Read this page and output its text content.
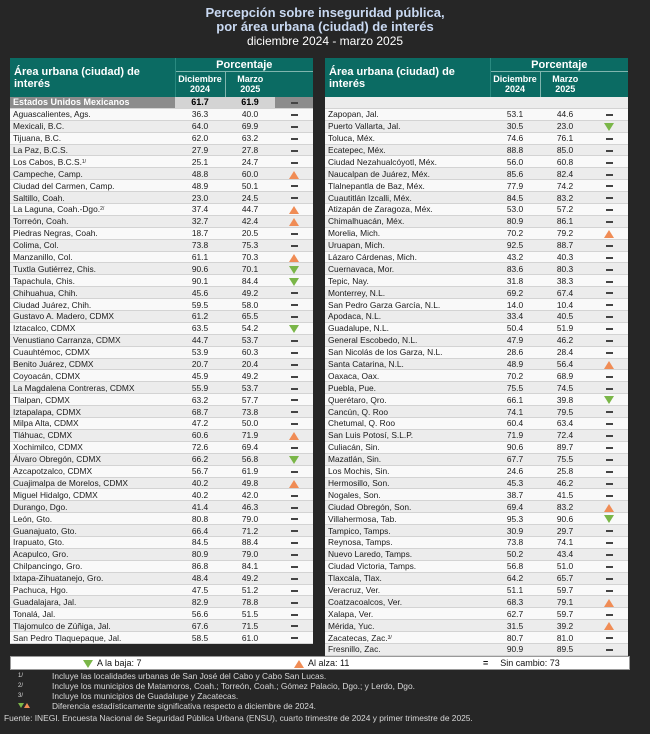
Percepción sobre inseguridad pública,
por área urbana (ciudad) de interés
diciembre 2024 - marzo 2025
Área urbana (ciudad) de interés	Porcentaje		
	Diciembre
2024	Marzo
2025	
Estados Unidos Mexicanos	61.7	61.9	
Aguascalientes, Ags.	36.3	40.0	
Mexicali, B.C.	64.0	69.9	
Tijuana, B.C.	62.0	63.2	
La Paz, B.C.S.	27.9	27.8	
Los Cabos, B.C.S.$^{1/}$	25.1	24.7	
Campeche, Camp.	48.8	60.0	
Ciudad del Carmen, Camp.	48.9	50.1	
Saltillo, Coah.	23.0	24.5	
La Laguna, Coah.-Dgo.$^{2/}$	37.4	44.7	
Torreón, Coah.	32.7	42.4	
Piedras Negras, Coah.	18.7	20.5	
Colima, Col.	73.8	75.3	
Manzanillo, Col.	61.1	70.3	
Tuxtla Gutiérrez, Chis.	90.6	70.1	
Tapachula, Chis.	90.1	84.4	
Chihuahua, Chih.	45.6	49.2	
Ciudad Juárez, Chih.	59.5	58.0	
Gustavo A. Madero, CDMX	61.2	65.5	
Iztacalco, CDMX	63.5	54.2	
Venustiano Carranza, CDMX	44.7	53.7	
Cuauhtémoc, CDMX	53.9	60.3	
Benito Juárez, CDMX	20.7	20.4	
Coyoacán, CDMX	45.9	49.2	
La Magdalena Contreras, CDMX	55.9	53.7	
Tlalpan, CDMX	63.2	57.7	
Iztapalapa, CDMX	68.7	73.8	
Milpa Alta, CDMX	47.2	50.0	
Tláhuac, CDMX	60.6	71.9	
Xochimilco, CDMX	72.6	69.4	
Álvaro Obregón, CDMX	66.2	56.8	
Azcapotzalco, CDMX	56.7	61.9	
Cuajimalpa de Morelos, CDMX	40.2	49.8	
Miguel Hidalgo, CDMX	40.2	42.0	
Durango, Dgo.	41.4	46.3	
León, Gto.	80.8	79.0	
Guanajuato, Gto.	66.4	71.2	
Irapuato, Gto.	84.5	88.4	
Acapulco, Gro.	80.9	79.0	
Chilpancingo, Gro.	86.8	84.1	
Ixtapa-Zihuatanejo, Gro.	48.4	49.2	
Pachuca, Hgo.	47.5	51.2	
Guadalajara, Jal.	82.9	78.8	
Tonalá, Jal.	56.6	51.5	
Tlajomulco de Zúñiga, Jal.	67.6	71.5	
San Pedro Tlaquepaque, Jal.	58.5	61.0	
Área urbana (ciudad) de interés	Porcentaje		
	Diciembre
2024	Marzo
2025	

Zapopan, Jal.	53.1	44.6	
Puerto Vallarta, Jal.	30.5	23.0	
Toluca, Méx.	74.6	76.1	
Ecatepec, Méx.	88.8	85.0	
Ciudad Nezahualcóyotl, Méx.	56.0	60.8	
Naucalpan de Juárez, Méx.	85.6	82.4	
Tlalnepantla de Baz, Méx.	77.9	74.2	
Cuautitlán Izcalli, Méx.	84.5	83.2	
Atizapán de Zaragoza, Méx.	53.0	57.2	
Chimalhuacán, Méx.	80.9	86.1	
Morelia, Mich.	70.2	79.2	
Uruapan, Mich.	92.5	88.7	
Lázaro Cárdenas, Mich.	43.2	40.3	
Cuernavaca, Mor.	83.6	80.3	
Tepic, Nay.	31.8	38.3	
Monterrey, N.L.	69.2	67.4	
San Pedro Garza García, N.L.	14.0	10.4	
Apodaca, N.L.	33.4	40.5	
Guadalupe, N.L.	50.4	51.9	
General Escobedo, N.L.	47.9	46.2	
San Nicolás de los Garza, N.L.	28.6	28.4	
Santa Catarina, N.L.	48.9	56.4	
Oaxaca, Oax.	70.2	68.9	
Puebla, Pue.	75.5	74.5	
Querétaro, Qro.	66.1	39.8	
Cancún, Q. Roo	74.1	79.5	
Chetumal, Q. Roo	60.4	63.4	
San Luis Potosí, S.L.P.	71.9	72.4	
Culiacán, Sin.	90.6	89.7	
Mazatlán, Sin.	67.7	75.5	
Los Mochis, Sin.	24.6	25.8	
Hermosillo, Son.	45.3	46.2	
Nogales, Son.	38.7	41.5	
Ciudad Obregón, Son.	69.4	83.2	
Villahermosa, Tab.	95.3	90.6	
Tampico, Tamps.	30.9	29.7	
Reynosa, Tamps.	73.8	74.1	
Nuevo Laredo, Tamps.	50.2	43.4	
Ciudad Victoria, Tamps.	56.8	51.0	
Tlaxcala, Tlax.	64.2	65.7	
Veracruz, Ver.	51.1	59.7	
Coatzacoalcos, Ver.	68.3	79.1	
Xalapa, Ver.	62.7	59.7	
Mérida, Yuc.	31.5	39.2	
Zacatecas, Zac.$^{3/}$	80.7	81.0	
Fresnillo, Zac.	90.9	89.5	
A la baja: 7	Al alza: 11	= Sin cambio: 73
1/	Incluye las localidades urbanas de San José del Cabo y Cabo San Lucas.
2/	Incluye los municipios de Matamoros, Coah.; Torreón, Coah.; Gómez Palacio, Dgo.; y Lerdo, Dgo.
3/	Incluye los municipios de Guadalupe y Zacatecas.
Diferencia estadísticamente significativa respecto a diciembre de 2024.
Fuente: INEGI. Encuesta Nacional de Seguridad Pública Urbana (ENSU), cuarto trimestre de 2024 y primer trimestre de 2025.
